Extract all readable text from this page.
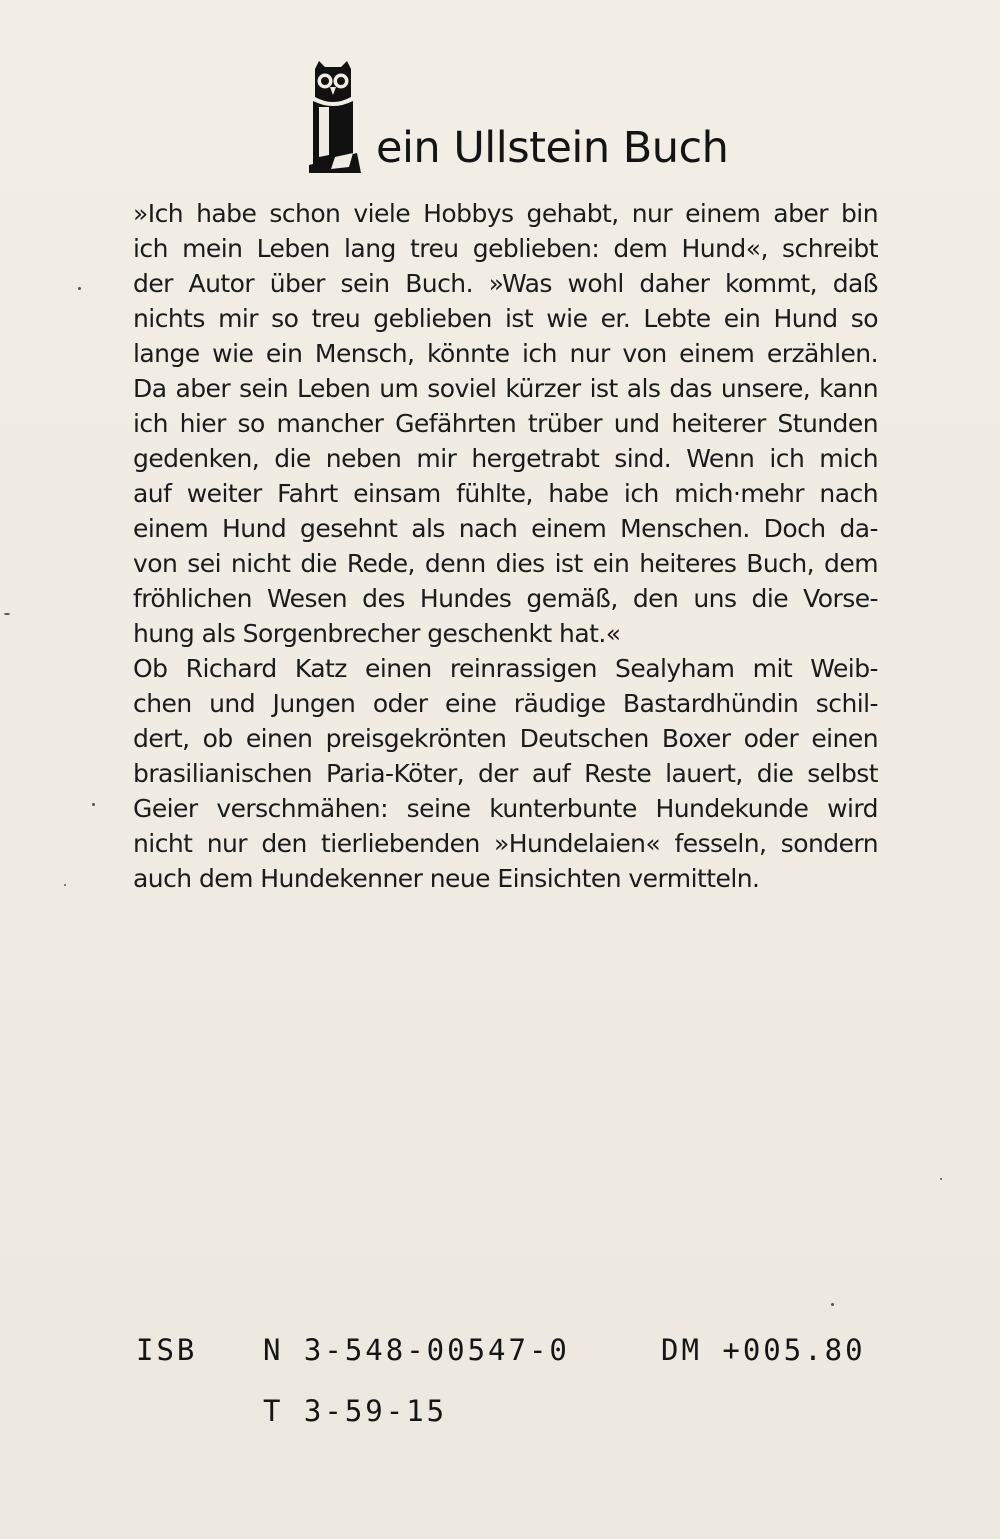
ein Ullstein Buch
»Ich habe schon viele Hobbys gehabt, nur einem aber bin
ich mein Leben lang treu geblieben: dem Hund«, schreibt
der Autor über sein Buch. »Was wohl daher kommt, daß
nichts mir so treu geblieben ist wie er. Lebte ein Hund so
lange wie ein Mensch, könnte ich nur von einem erzählen.
Da aber sein Leben um soviel kürzer ist als das unsere, kann
ich hier so mancher Gefährten trüber und heiterer Stunden
gedenken, die neben mir hergetrabt sind. Wenn ich mich
auf weiter Fahrt einsam fühlte, habe ich mich·mehr nach
einem Hund gesehnt als nach einem Menschen. Doch da-
von sei nicht die Rede, denn dies ist ein heiteres Buch, dem
fröhlichen Wesen des Hundes gemäß, den uns die Vorse-
hung als Sorgenbrecher geschenkt hat.«
Ob Richard Katz einen reinrassigen Sealyham mit Weib-
chen und Jungen oder eine räudige Bastardhündin schil-
dert, ob einen preisgekrönten Deutschen Boxer oder einen
brasilianischen Paria-Köter, der auf Reste lauert, die selbst
Geier verschmähen: seine kunterbunte Hundekunde wird
nicht nur den tierliebenden »Hundelaien« fesseln, sondern
auch dem Hundekenner neue Einsichten vermitteln.
ISB N 3-548-00547-0	DM +005.80
T 3-59-15
